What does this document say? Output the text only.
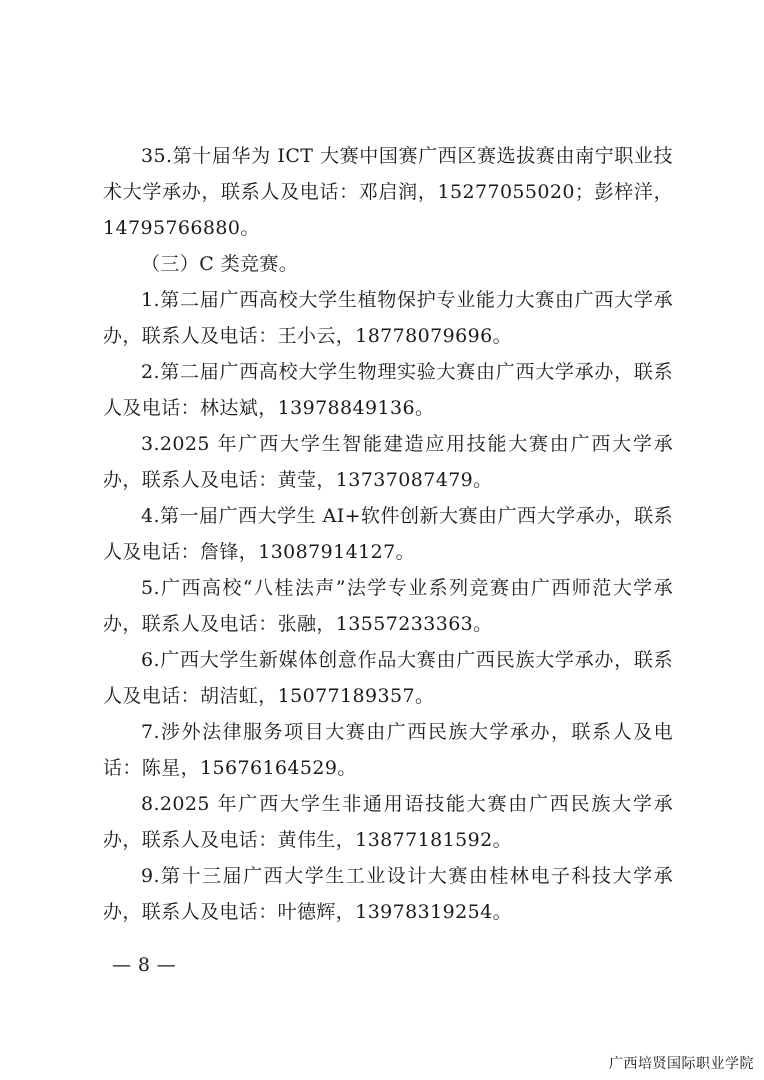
35.第十届华为 ICT 大赛中国赛广西区赛选拔赛由南宁职业技术大学承办，联系人及电话：邓启润，15277055020；彭梓洋，14795766880。

（三）C 类竞赛。

1.第二届广西高校大学生植物保护专业能力大赛由广西大学承办，联系人及电话：王小云，18778079696。

2.第二届广西高校大学生物理实验大赛由广西大学承办，联系人及电话：林达斌，13978849136。

3.2025 年广西大学生智能建造应用技能大赛由广西大学承办，联系人及电话：黄莹，13737087479。

4.第一届广西大学生 AI+软件创新大赛由广西大学承办，联系人及电话：詹锋，13087914127。

5.广西高校“八桂法声”法学专业系列竞赛由广西师范大学承办，联系人及电话：张融，13557233363。

6.广西大学生新媒体创意作品大赛由广西民族大学承办，联系人及电话：胡洁虹，15077189357。

7.涉外法律服务项目大赛由广西民族大学承办，联系人及电话：陈星，15676164529。

8.2025 年广西大学生非通用语技能大赛由广西民族大学承办，联系人及电话：黄伟生，13877181592。

9.第十三届广西大学生工业设计大赛由桂林电子科技大学承办，联系人及电话：叶德辉，13978319254。

— 8 —
广西培贤国际职业学院
